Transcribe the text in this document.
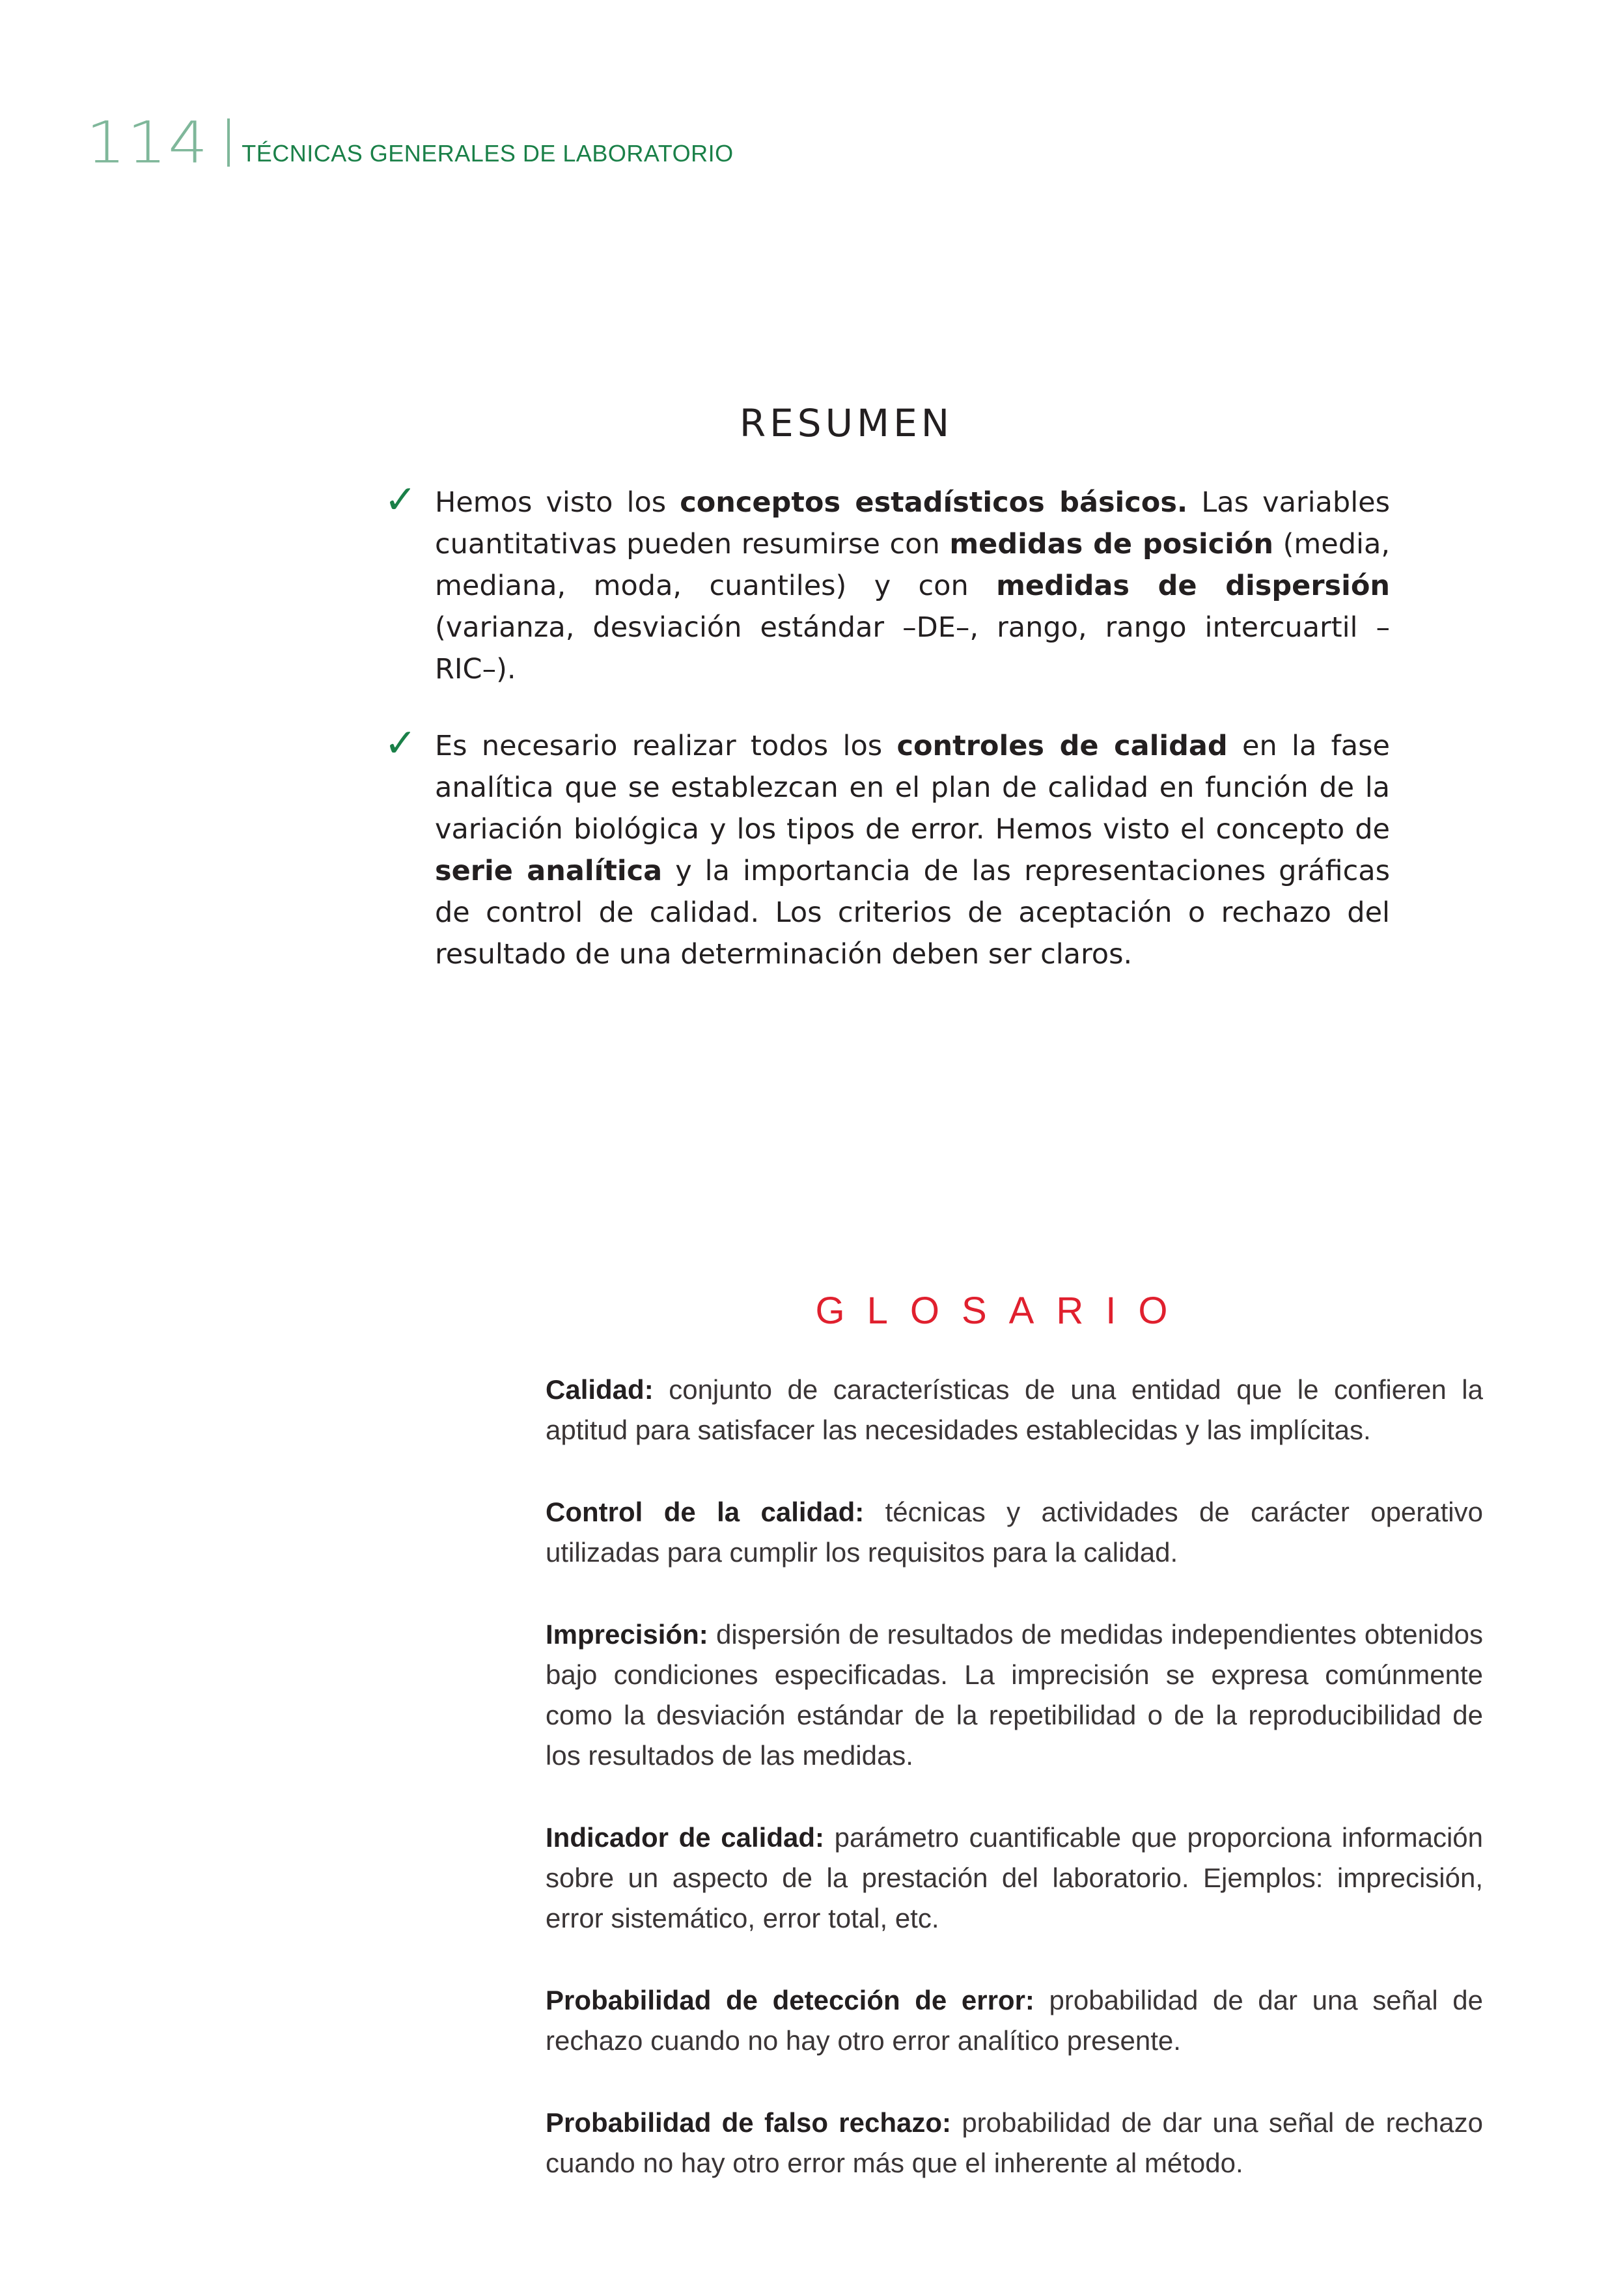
114 TÉCNICAS GENERALES DE LABORATORIO
RESUMEN
✓ Hemos visto los conceptos estadísticos básicos. Las variables cuantitativas pueden resumirse con medidas de posición (media, mediana, moda, cuantiles) y con medidas de dispersión (varianza, desviación estándar –DE–, rango, rango intercuartil –RIC–).
✓ Es necesario realizar todos los controles de calidad en la fase analítica que se establezcan en el plan de calidad en función de la variación biológica y los tipos de error. Hemos visto el concepto de serie analítica y la importancia de las representaciones gráficas de control de calidad. Los criterios de aceptación o rechazo del resultado de una determinación deben ser claros.
GLOSARIO

Calidad: conjunto de características de una entidad que le confieren la aptitud para satisfacer las necesidades establecidas y las implícitas.

Control de la calidad: técnicas y actividades de carácter operativo utilizadas para cumplir los requisitos para la calidad.

Imprecisión: dispersión de resultados de medidas independientes obtenidos bajo condiciones especificadas. La imprecisión se expresa comúnmente como la desviación estándar de la repetibilidad o de la reproducibilidad de los resultados de las medidas.

Indicador de calidad: parámetro cuantificable que proporciona información sobre un aspecto de la prestación del laboratorio. Ejemplos: imprecisión, error sistemático, error total, etc.

Probabilidad de detección de error: probabilidad de dar una señal de rechazo cuando no hay otro error analítico presente.

Probabilidad de falso rechazo: probabilidad de dar una señal de rechazo cuando no hay otro error más que el inherente al método.
